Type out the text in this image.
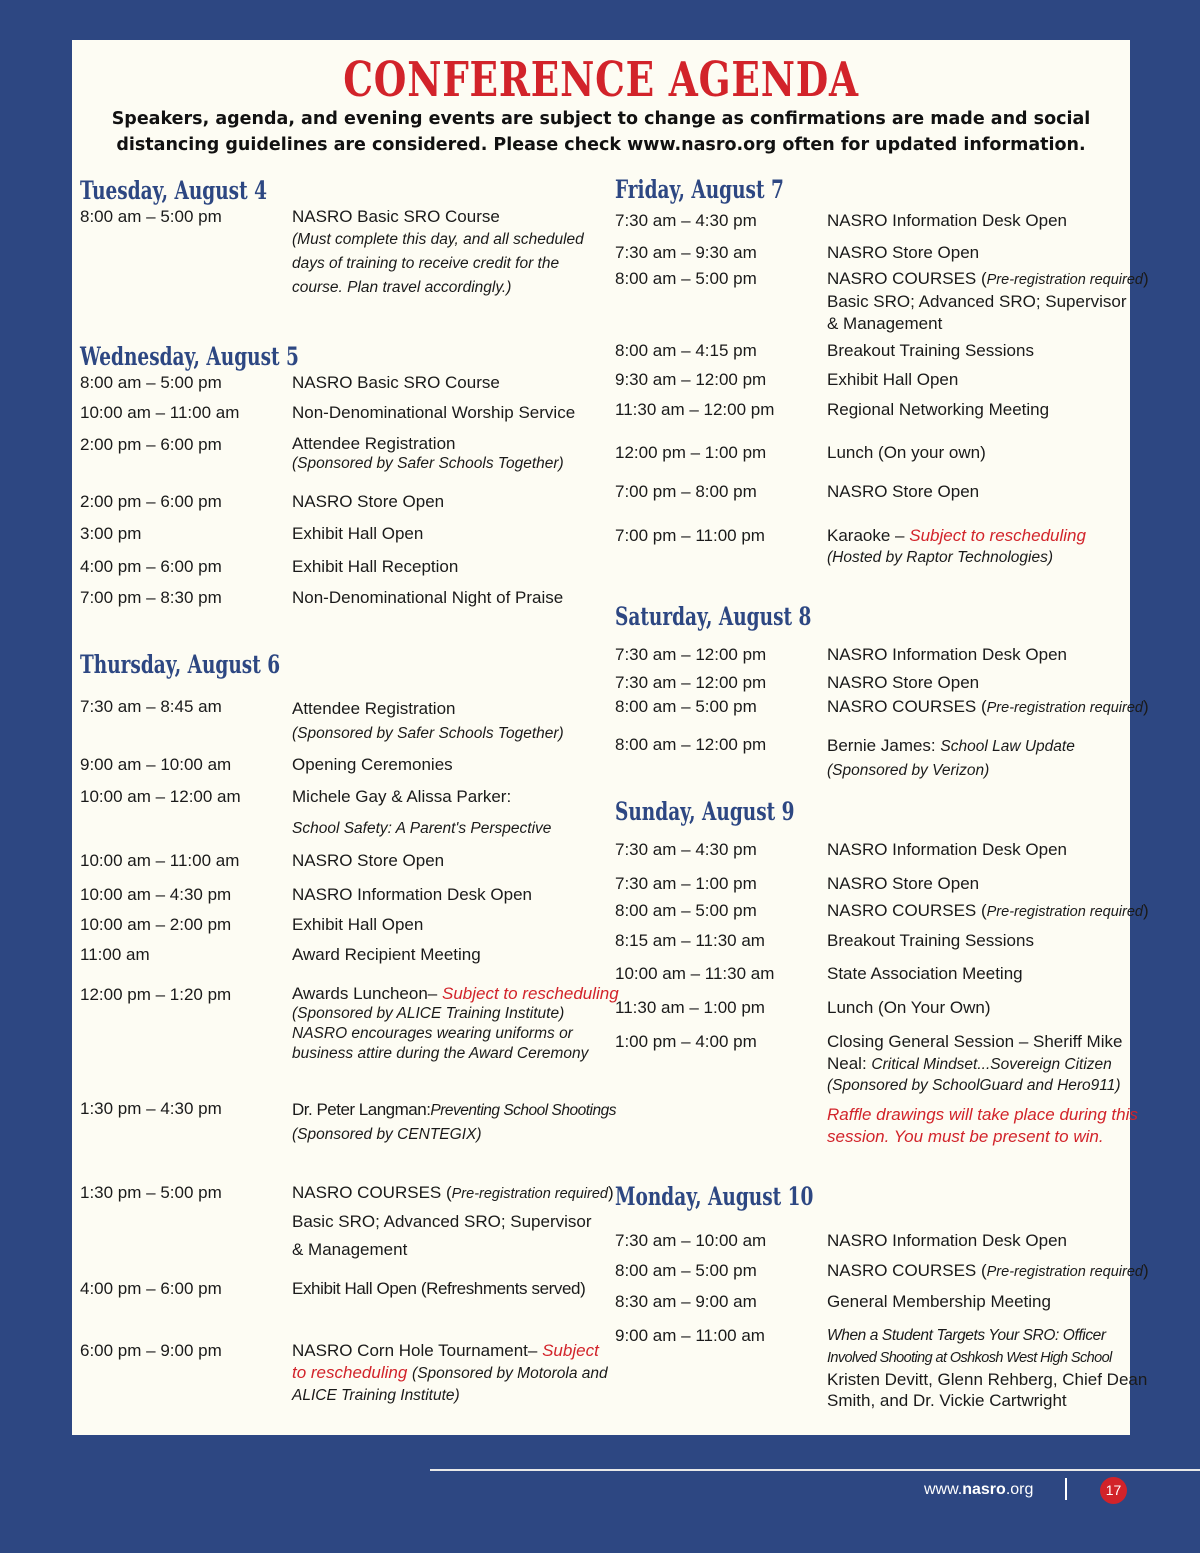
CONFERENCE AGENDA
Speakers, agenda, and evening events are subject to change as confirmations are made and social
distancing guidelines are considered. Please check www.nasro.org often for updated information.
Tuesday, August 4
8:00 am – 5:00 pm	NASRO Basic SRO Course
(Must complete this day, and all scheduled
days of training to receive credit for the
course. Plan travel accordingly.)
Wednesday, August 5
8:00 am – 5:00 pm	NASRO Basic SRO Course
10:00 am – 11:00 am	Non-Denominational Worship Service
2:00 pm – 6:00 pm	Attendee Registration
(Sponsored by Safer Schools Together)
2:00 pm – 6:00 pm	NASRO Store Open
3:00 pm	Exhibit Hall Open
4:00 pm – 6:00 pm	Exhibit Hall Reception
7:00 pm – 8:30 pm	Non-Denominational Night of Praise
Thursday, August 6
7:30 am – 8:45 am	Attendee Registration
(Sponsored by Safer Schools Together)
9:00 am – 10:00 am	Opening Ceremonies
10:00 am – 12:00 am	Michele Gay & Alissa Parker:
School Safety: A Parent's Perspective
10:00 am – 11:00 am	NASRO Store Open
10:00 am – 4:30 pm	NASRO Information Desk Open
10:00 am – 2:00 pm	Exhibit Hall Open
11:00 am	Award Recipient Meeting
12:00 pm – 1:20 pm	Awards Luncheon– Subject to rescheduling
(Sponsored by ALICE Training Institute)
NASRO encourages wearing uniforms or
business attire during the Award Ceremony
1:30 pm – 4:30 pm	Dr. Peter Langman:Preventing School Shootings
(Sponsored by CENTEGIX)
1:30 pm – 5:00 pm	NASRO COURSES (Pre-registration required)
Basic SRO; Advanced SRO; Supervisor
& Management
4:00 pm – 6:00 pm	Exhibit Hall Open (Refreshments served)
6:00 pm – 9:00 pm	NASRO Corn Hole Tournament– Subject
to rescheduling (Sponsored by Motorola and
ALICE Training Institute)
Friday, August 7
7:30 am – 4:30 pm	NASRO Information Desk Open
7:30 am – 9:30 am	NASRO Store Open
8:00 am – 5:00 pm	NASRO COURSES (Pre-registration required)
Basic SRO; Advanced SRO; Supervisor
& Management
8:00 am – 4:15 pm	Breakout Training Sessions
9:30 am – 12:00 pm	Exhibit Hall Open
11:30 am – 12:00 pm	Regional Networking Meeting
12:00 pm – 1:00 pm	Lunch (On your own)
7:00 pm – 8:00 pm	NASRO Store Open
7:00 pm – 11:00 pm	Karaoke – Subject to rescheduling
(Hosted by Raptor Technologies)
Saturday, August 8
7:30 am – 12:00 pm	NASRO Information Desk Open
7:30 am – 12:00 pm	NASRO Store Open
8:00 am – 5:00 pm	NASRO COURSES (Pre-registration required)
8:00 am – 12:00 pm	Bernie James: School Law Update
(Sponsored by Verizon)
Sunday, August 9
7:30 am – 4:30 pm	NASRO Information Desk Open
7:30 am – 1:00 pm	NASRO Store Open
8:00 am – 5:00 pm	NASRO COURSES (Pre-registration required)
8:15 am – 11:30 am	Breakout Training Sessions
10:00 am – 11:30 am	State Association Meeting
11:30 am – 1:00 pm	Lunch (On Your Own)
1:00 pm – 4:00 pm	Closing General Session – Sheriff Mike
Neal: Critical Mindset...Sovereign Citizen
(Sponsored by SchoolGuard and Hero911)
Raffle drawings will take place during this
session. You must be present to win.
Monday, August 10
7:30 am – 10:00 am	NASRO Information Desk Open
8:00 am – 5:00 pm	NASRO COURSES (Pre-registration required)
8:30 am – 9:00 am	General Membership Meeting
9:00 am – 11:00 am	When a Student Targets Your SRO: Officer
Involved Shooting at Oshkosh West High School
Kristen Devitt, Glenn Rehberg, Chief Dean
Smith, and Dr. Vickie Cartwright
www.nasro.org	17
